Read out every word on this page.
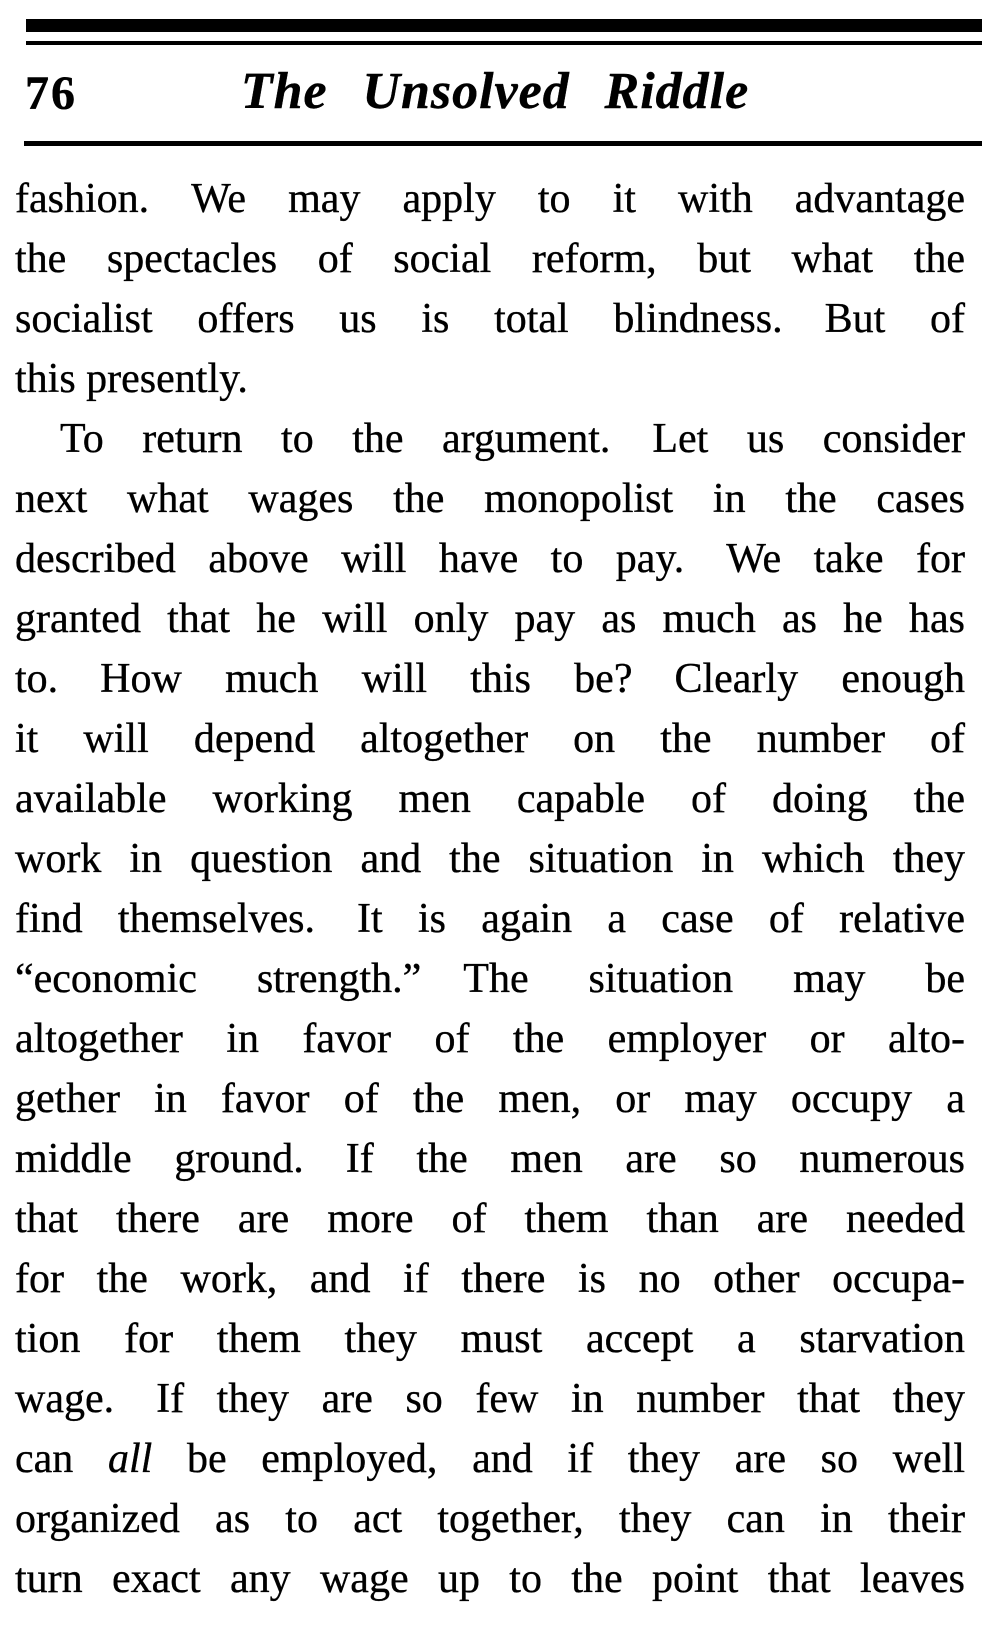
76	The Unsolved Riddle
fashion. We may apply to it with advantage
the spectacles of social reform, but what the
socialist offers us is total blindness. But of
this presently.
To return to the argument. Let us consider
next what wages the monopolist in the cases
described above will have to pay. We take for
granted that he will only pay as much as he has
to. How much will this be? Clearly enough
it will depend altogether on the number of
available working men capable of doing the
work in question and the situation in which they
find themselves. It is again a case of relative
“economic strength.” The situation may be
altogether in favor of the employer or alto-
gether in favor of the men, or may occupy a
middle ground. If the men are so numerous
that there are more of them than are needed
for the work, and if there is no other occupa-
tion for them they must accept a starvation
wage. If they are so few in number that they
can all be employed, and if they are so well
organized as to act together, they can in their
turn exact any wage up to the point that leaves
